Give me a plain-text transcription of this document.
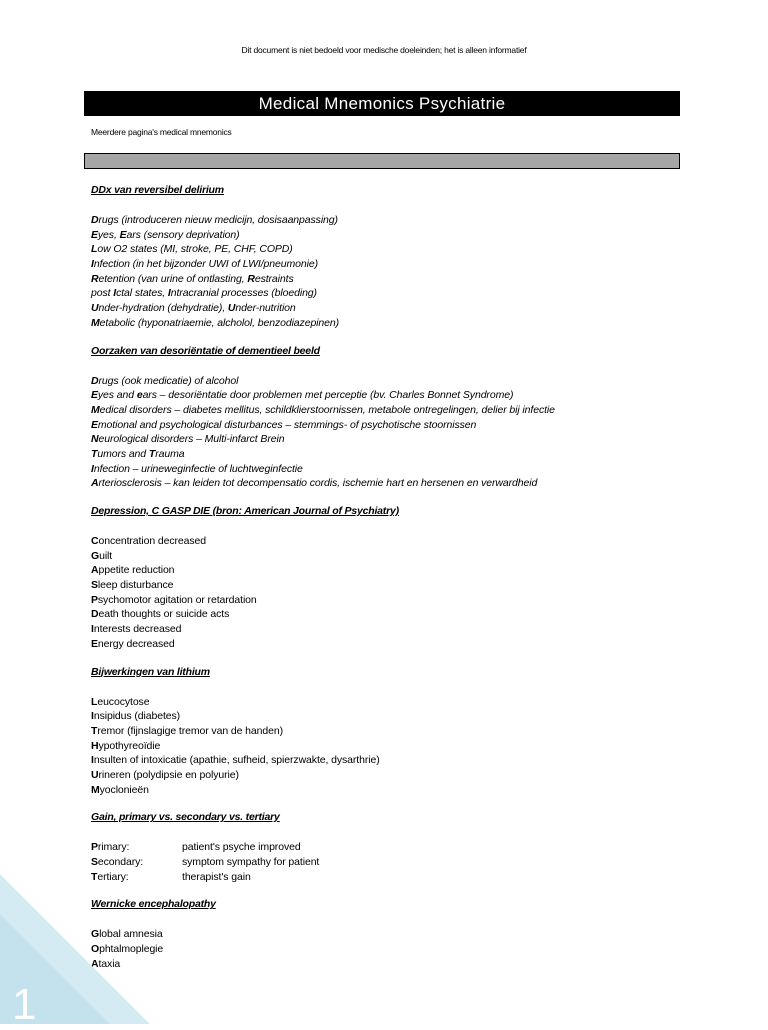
Dit document is niet bedoeld voor medische doeleinden; het is alleen informatief
Medical Mnemonics Psychiatrie
Meerdere pagina's medical mnemonics
DDx van reversibel delirium
Drugs (introduceren nieuw medicijn, dosisaanpassing)
Eyes, Ears (sensory deprivation)
Low O2 states (MI, stroke, PE, CHF, COPD)
Infection (in het bijzonder UWI of LWI/pneumonie)
Retention (van urine of ontlasting, Restraints
post Ictal states, Intracranial processes (bloeding)
Under-hydration (dehydratie), Under-nutrition
Metabolic (hyponatriaemie, alcholol, benzodiazepinen)
Oorzaken van desoriëntatie of dementieel beeld
Drugs (ook medicatie) of alcohol
Eyes and ears – desoriëntatie door problemen met perceptie (bv. Charles Bonnet Syndrome)
Medical disorders – diabetes mellitus, schildklierstoornissen, metabole ontregelingen, delier bij infectie
Emotional and psychological disturbances – stemmings- of psychotische stoornissen
Neurological disorders – Multi-infarct Brein
Tumors and Trauma
Infection – urineweginfectie of luchtweginfectie
Arteriosclerosis – kan leiden tot decompensatio cordis, ischemie hart en hersenen en verwardheid
Depression, C GASP DIE (bron: American Journal of Psychiatry)
Concentration decreased
Guilt
Appetite reduction
Sleep disturbance
Psychomotor agitation or retardation
Death thoughts or suicide acts
Interests decreased
Energy decreased
Bijwerkingen van lithium
Leucocytose
Insipidus (diabetes)
Tremor (fijnslagige tremor van de handen)
Hypothyreoïdie
Insulten of intoxicatie (apathie, sufheid, spierzwakte, dysarthrie)
Urineren (polydipsie en polyurie)
Myoclonieën
Gain, primary vs. secondary vs. tertiary
Primary:	patient's psyche improved
Secondary:	symptom sympathy for patient
Tertiary:	therapist's gain
Wernicke encephalopathy
Global amnesia
Ophtalmoplegie
Ataxia
1
